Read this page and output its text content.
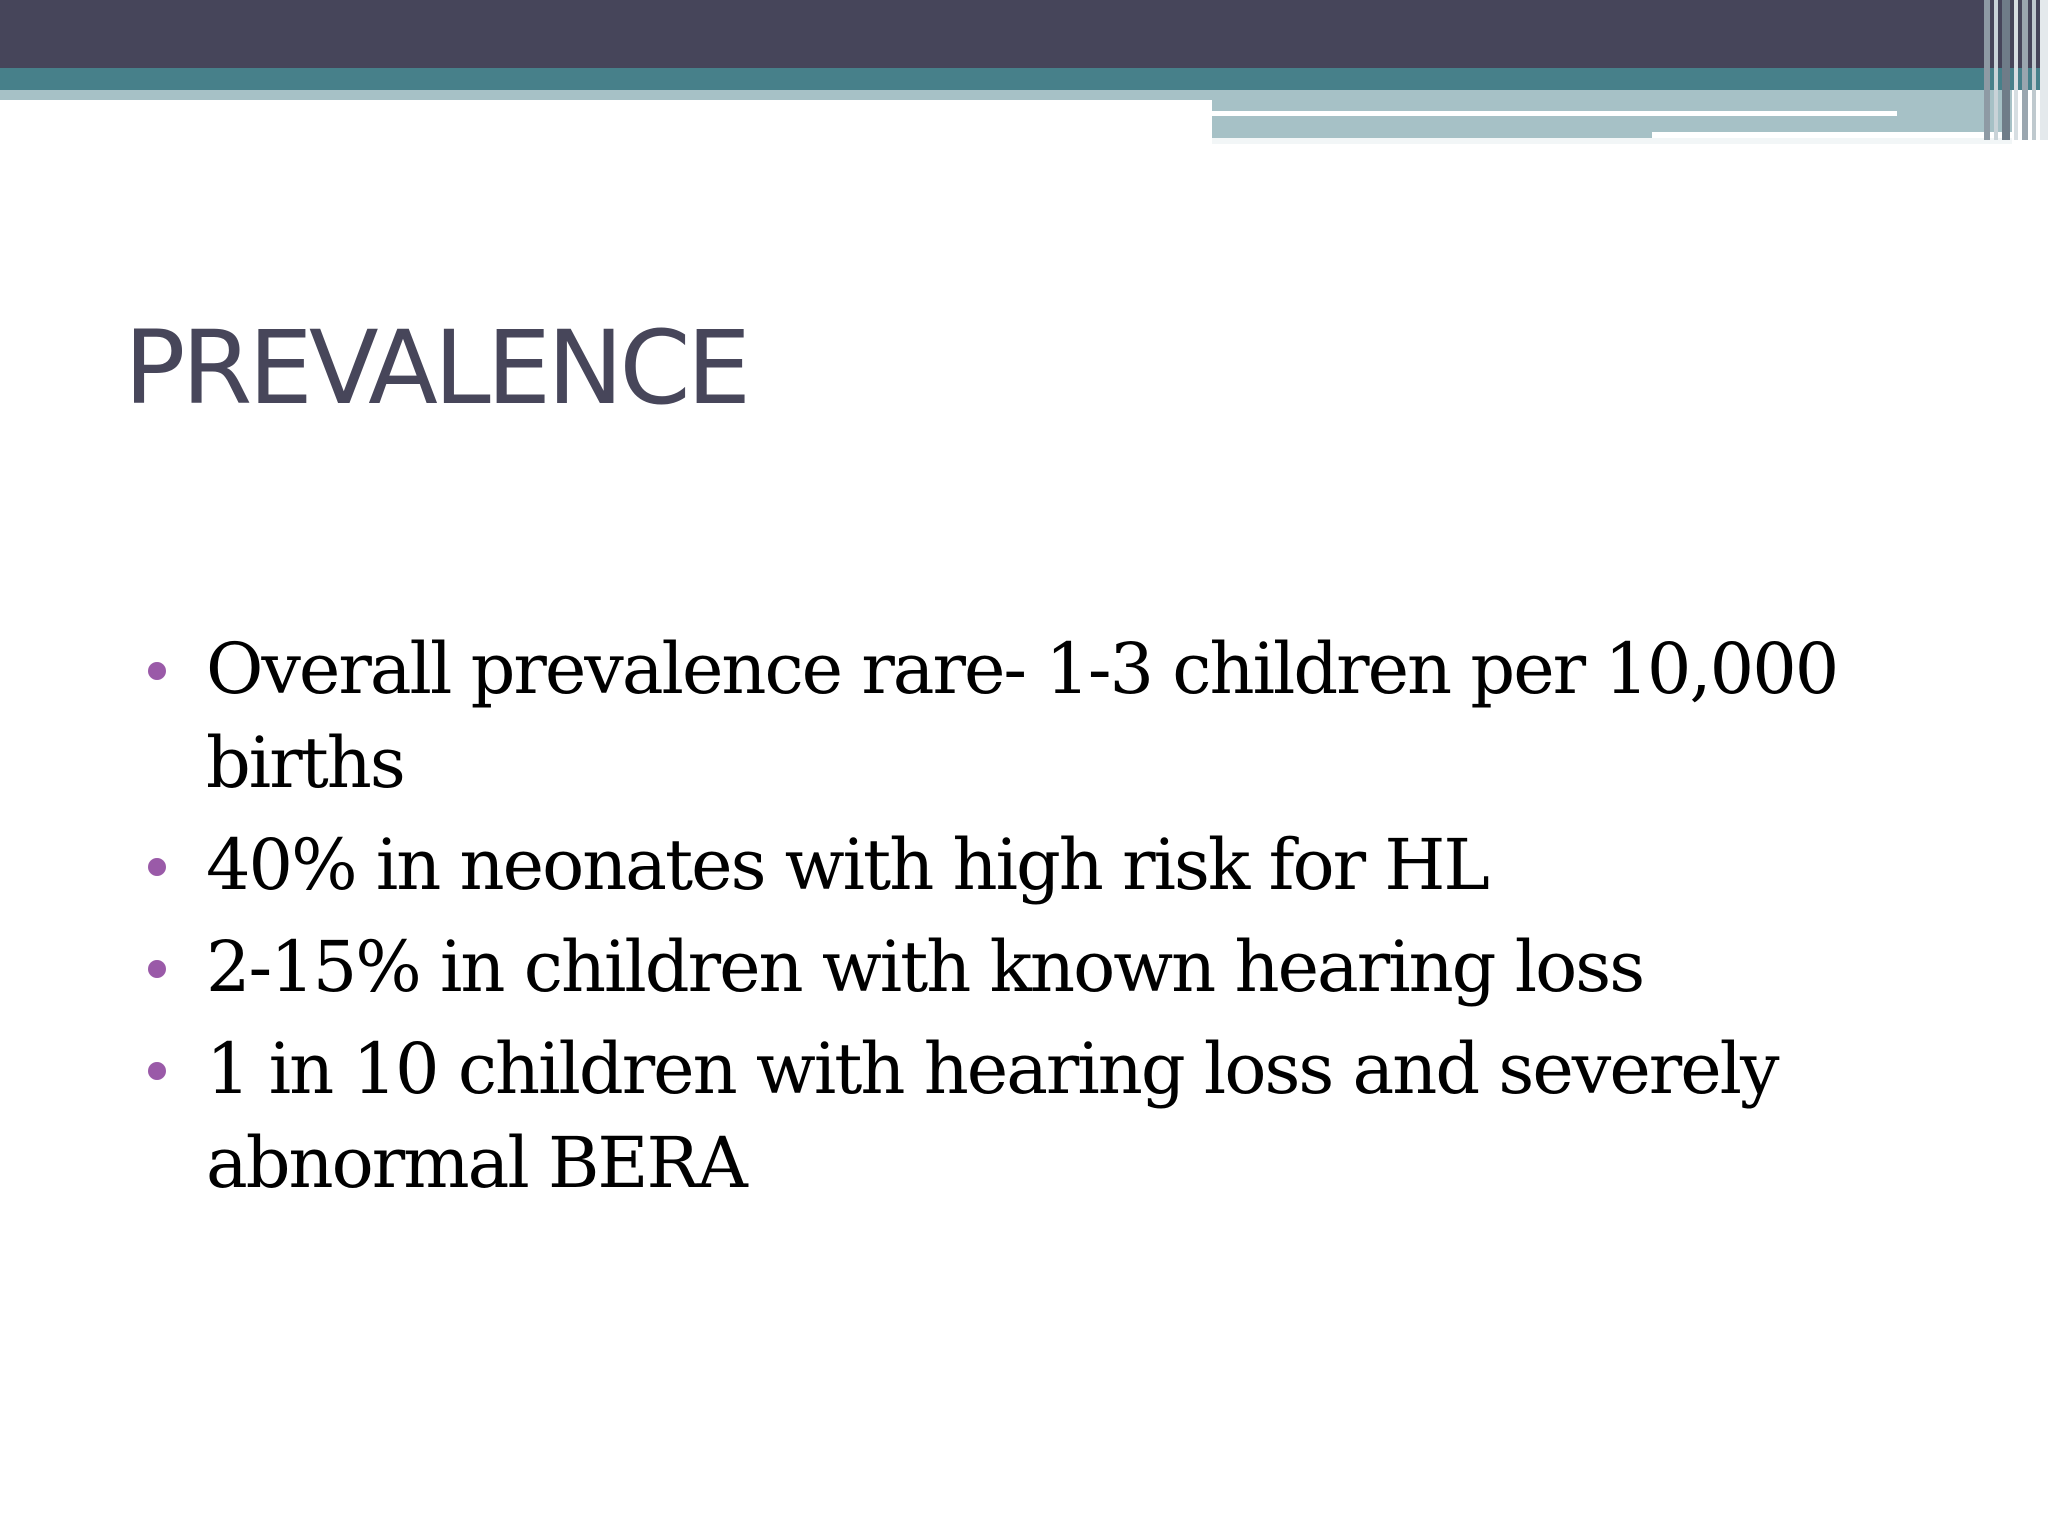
PREVALENCE
Overall prevalence rare- 1-3 children per 10,000 births
40% in neonates with high risk for HL
2-15% in children with known hearing loss
1 in 10 children with hearing loss and severely abnormal BERA
